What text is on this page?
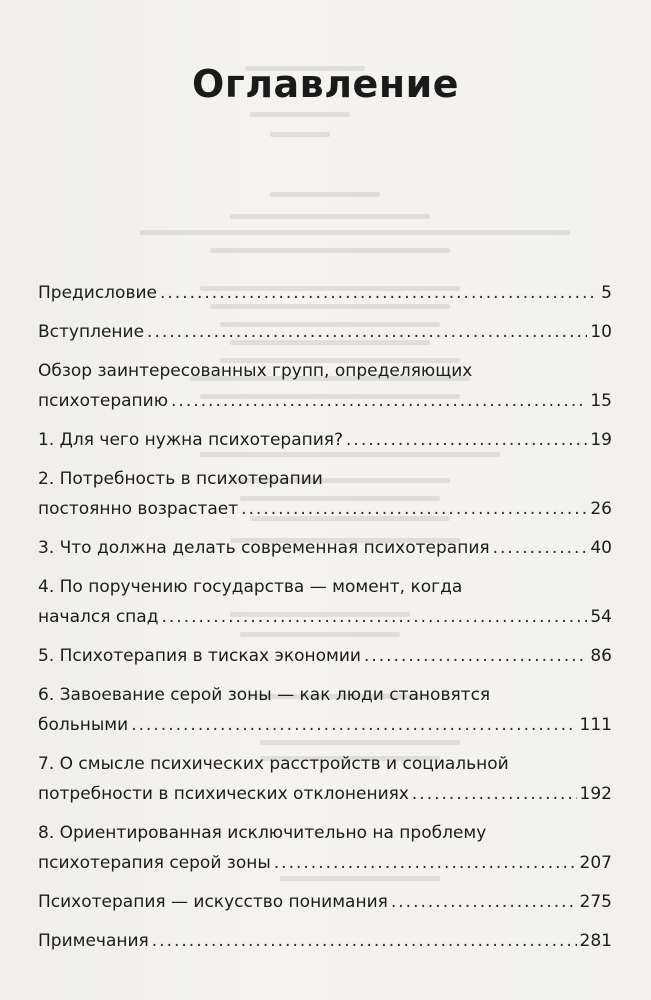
Оглавление
Предисловие .....	5
Вступление .....	10
Обзор заинтересованных групп, определяющих
психотерапию .....	15
1. Для чего нужна психотерапия? .....	19
2. Потребность в психотерапии
постоянно возрастает .....	26
3. Что должна делать современная психотерапия .....	40
4. По поручению государства — момент, когда
начался спад .....	54
5. Психотерапия в тисках экономии .....	86
6. Завоевание серой зоны — как люди становятся
больными .....	111
7. О смысле психических расстройств и социальной
потребности в психических отклонениях .....	192
8. Ориентированная исключительно на проблему
психотерапия серой зоны .....	207
Психотерапия — искусство понимания .....	275
Примечания .....	281
